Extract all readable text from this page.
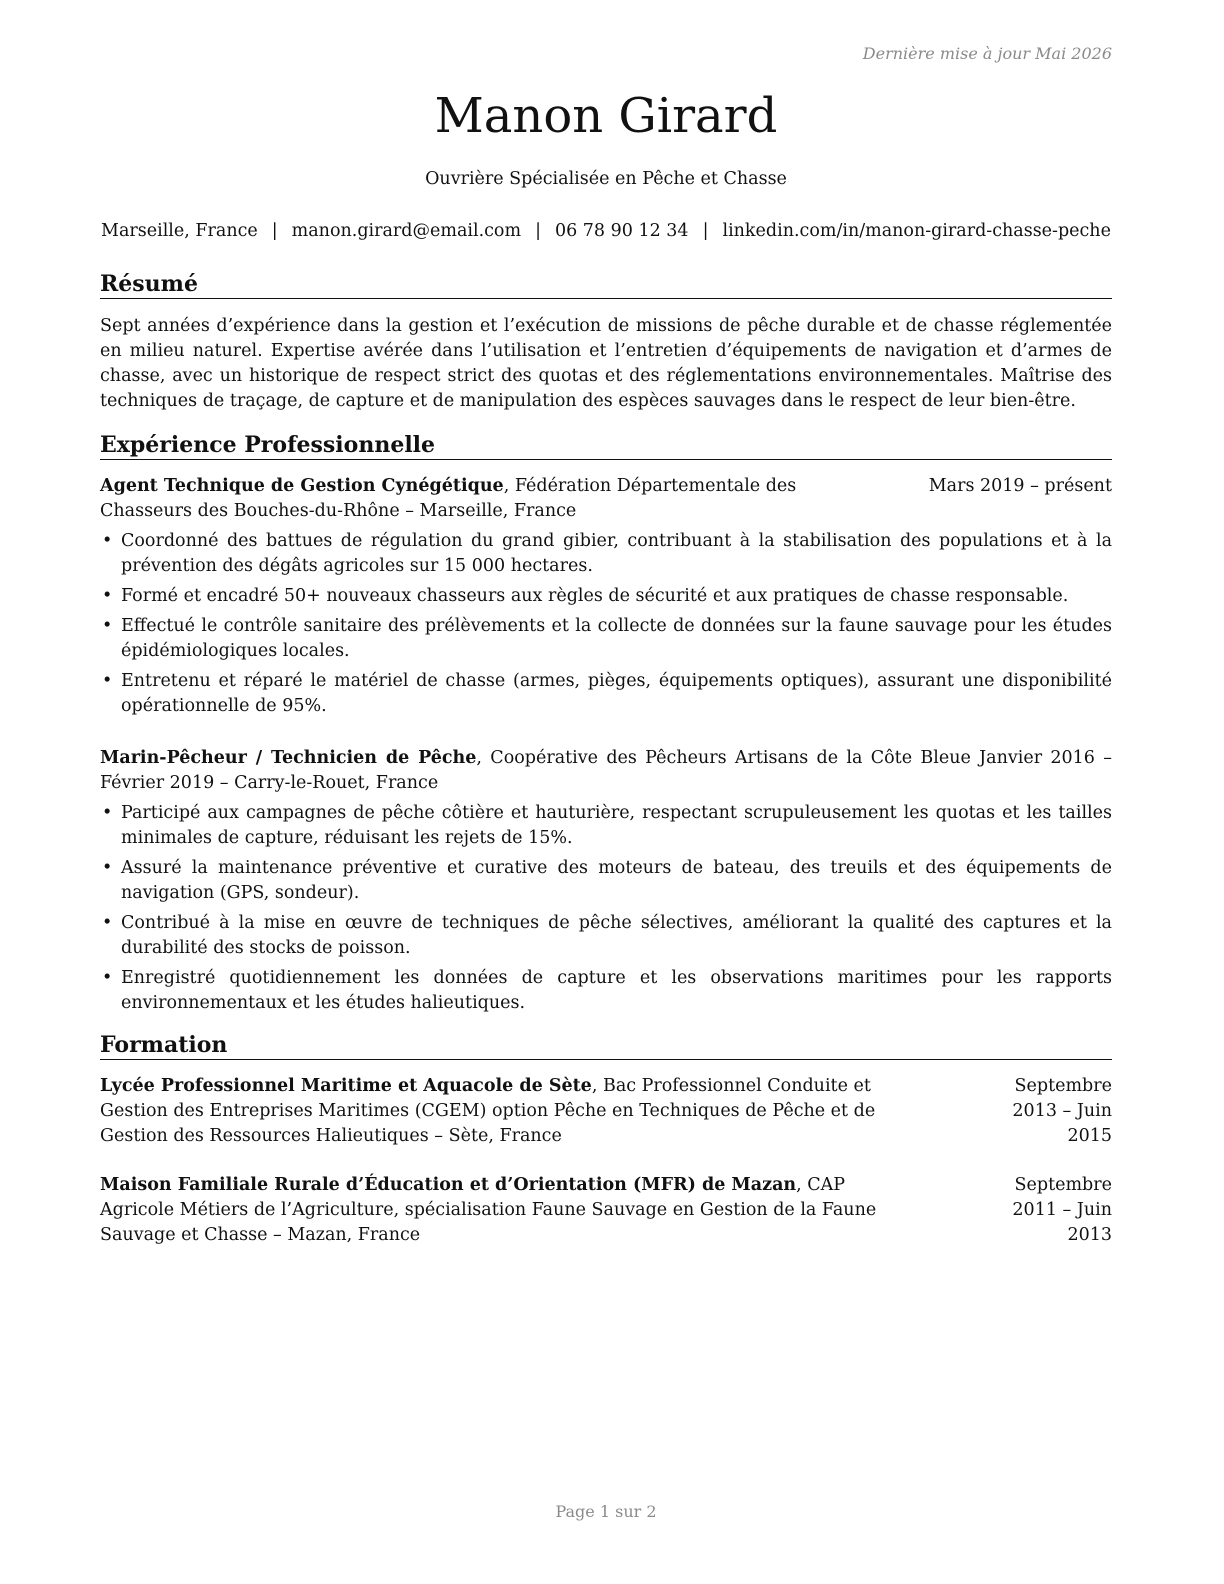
Dernière mise à jour Mai 2026
Manon Girard
Ouvrière Spécialisée en Pêche et Chasse
Marseille, France | manon.girard@email.com | 06 78 90 12 34 | linkedin.com/in/manon-girard-chasse-peche
Résumé
Sept années d’expérience dans la gestion et l’exécution de missions de pêche durable et de chasse réglementée en milieu naturel. Expertise avérée dans l’utilisation et l’entretien d’équipements de navigation et d’armes de chasse, avec un historique de respect strict des quotas et des réglementations environnementales. Maîtrise des techniques de traçage, de capture et de manipulation des espèces sauvages dans le respect de leur bien-être.
Expérience Professionnelle
Agent Technique de Gestion Cynégétique, Fédération Départementale des Chasseurs des Bouches-du-Rhône – Marseille, France
Mars 2019 – présent
• Coordonné des battues de régulation du grand gibier, contribuant à la stabilisation des populations et à la prévention des dégâts agricoles sur 15 000 hectares.
• Formé et encadré 50+ nouveaux chasseurs aux règles de sécurité et aux pratiques de chasse responsable.
• Effectué le contrôle sanitaire des prélèvements et la collecte de données sur la faune sauvage pour les études épidémiologiques locales.
• Entretenu et réparé le matériel de chasse (armes, pièges, équipements optiques), assurant une disponibilité opérationnelle de 95%.
Marin-Pêcheur / Technicien de Pêche, Coopérative des Pêcheurs Artisans de la Côte Bleue Janvier 2016 – Février 2019 – Carry-le-Rouet, France
• Participé aux campagnes de pêche côtière et hauturière, respectant scrupuleusement les quotas et les tailles minimales de capture, réduisant les rejets de 15%.
• Assuré la maintenance préventive et curative des moteurs de bateau, des treuils et des équipements de navigation (GPS, sondeur).
• Contribué à la mise en œuvre de techniques de pêche sélectives, améliorant la qualité des captures et la durabilité des stocks de poisson.
• Enregistré quotidiennement les données de capture et les observations maritimes pour les rapports environnementaux et les études halieutiques.
Formation
Lycée Professionnel Maritime et Aquacole de Sète, Bac Professionnel Conduite et Gestion des Entreprises Maritimes (CGEM) option Pêche en Techniques de Pêche et de Gestion des Ressources Halieutiques – Sète, France
Septembre 2013 – Juin 2015
Maison Familiale Rurale d’Éducation et d’Orientation (MFR) de Mazan, CAP Agricole Métiers de l’Agriculture, spécialisation Faune Sauvage en Gestion de la Faune Sauvage et Chasse – Mazan, France
Septembre 2011 – Juin 2013
Page 1 sur 2
